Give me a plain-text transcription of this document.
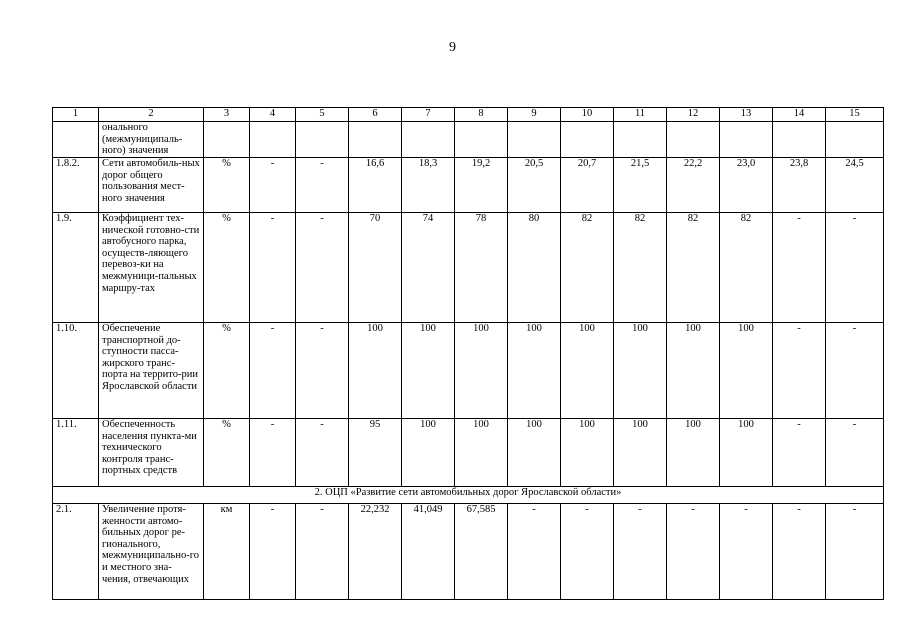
9
1	2	3	4	5	6	7	8	9	10	11	12	13	14	15
	онального (межмуниципаль-ного) значения													
1.8.2.	Сети автомобиль-ных дорог общего пользования мест-ного значения	%	-	-	16,6	18,3	19,2	20,5	20,7	21,5	22,2	23,0	23,8	24,5
1.9.	Коэффициент тех-нической готовно-сти автобусного парка, осуществ-ляющего перевоз-ки на межмуници-пальных маршру-тах	%	-	-	70	74	78	80	82	82	82	82	-	-
1.10.	Обеспечение транспортной до-ступности пасса-жирского транс-порта на террито-рии Ярославской области	%	-	-	100	100	100	100	100	100	100	100	-	-
1.11.	Обеспеченность населения пункта-ми технического контроля транс-портных средств	%	-	-	95	100	100	100	100	100	100	100	-	-
2. ОЦП «Развитие сети автомобильных дорог Ярославской области»														
2.1.	Увеличение протя-женности автомо-бильных дорог ре-гионального, межмуниципально-го и местного зна-чения, отвечающих	км	-	-	22,232	41,049	67,585	-	-	-	-	-	-	-
